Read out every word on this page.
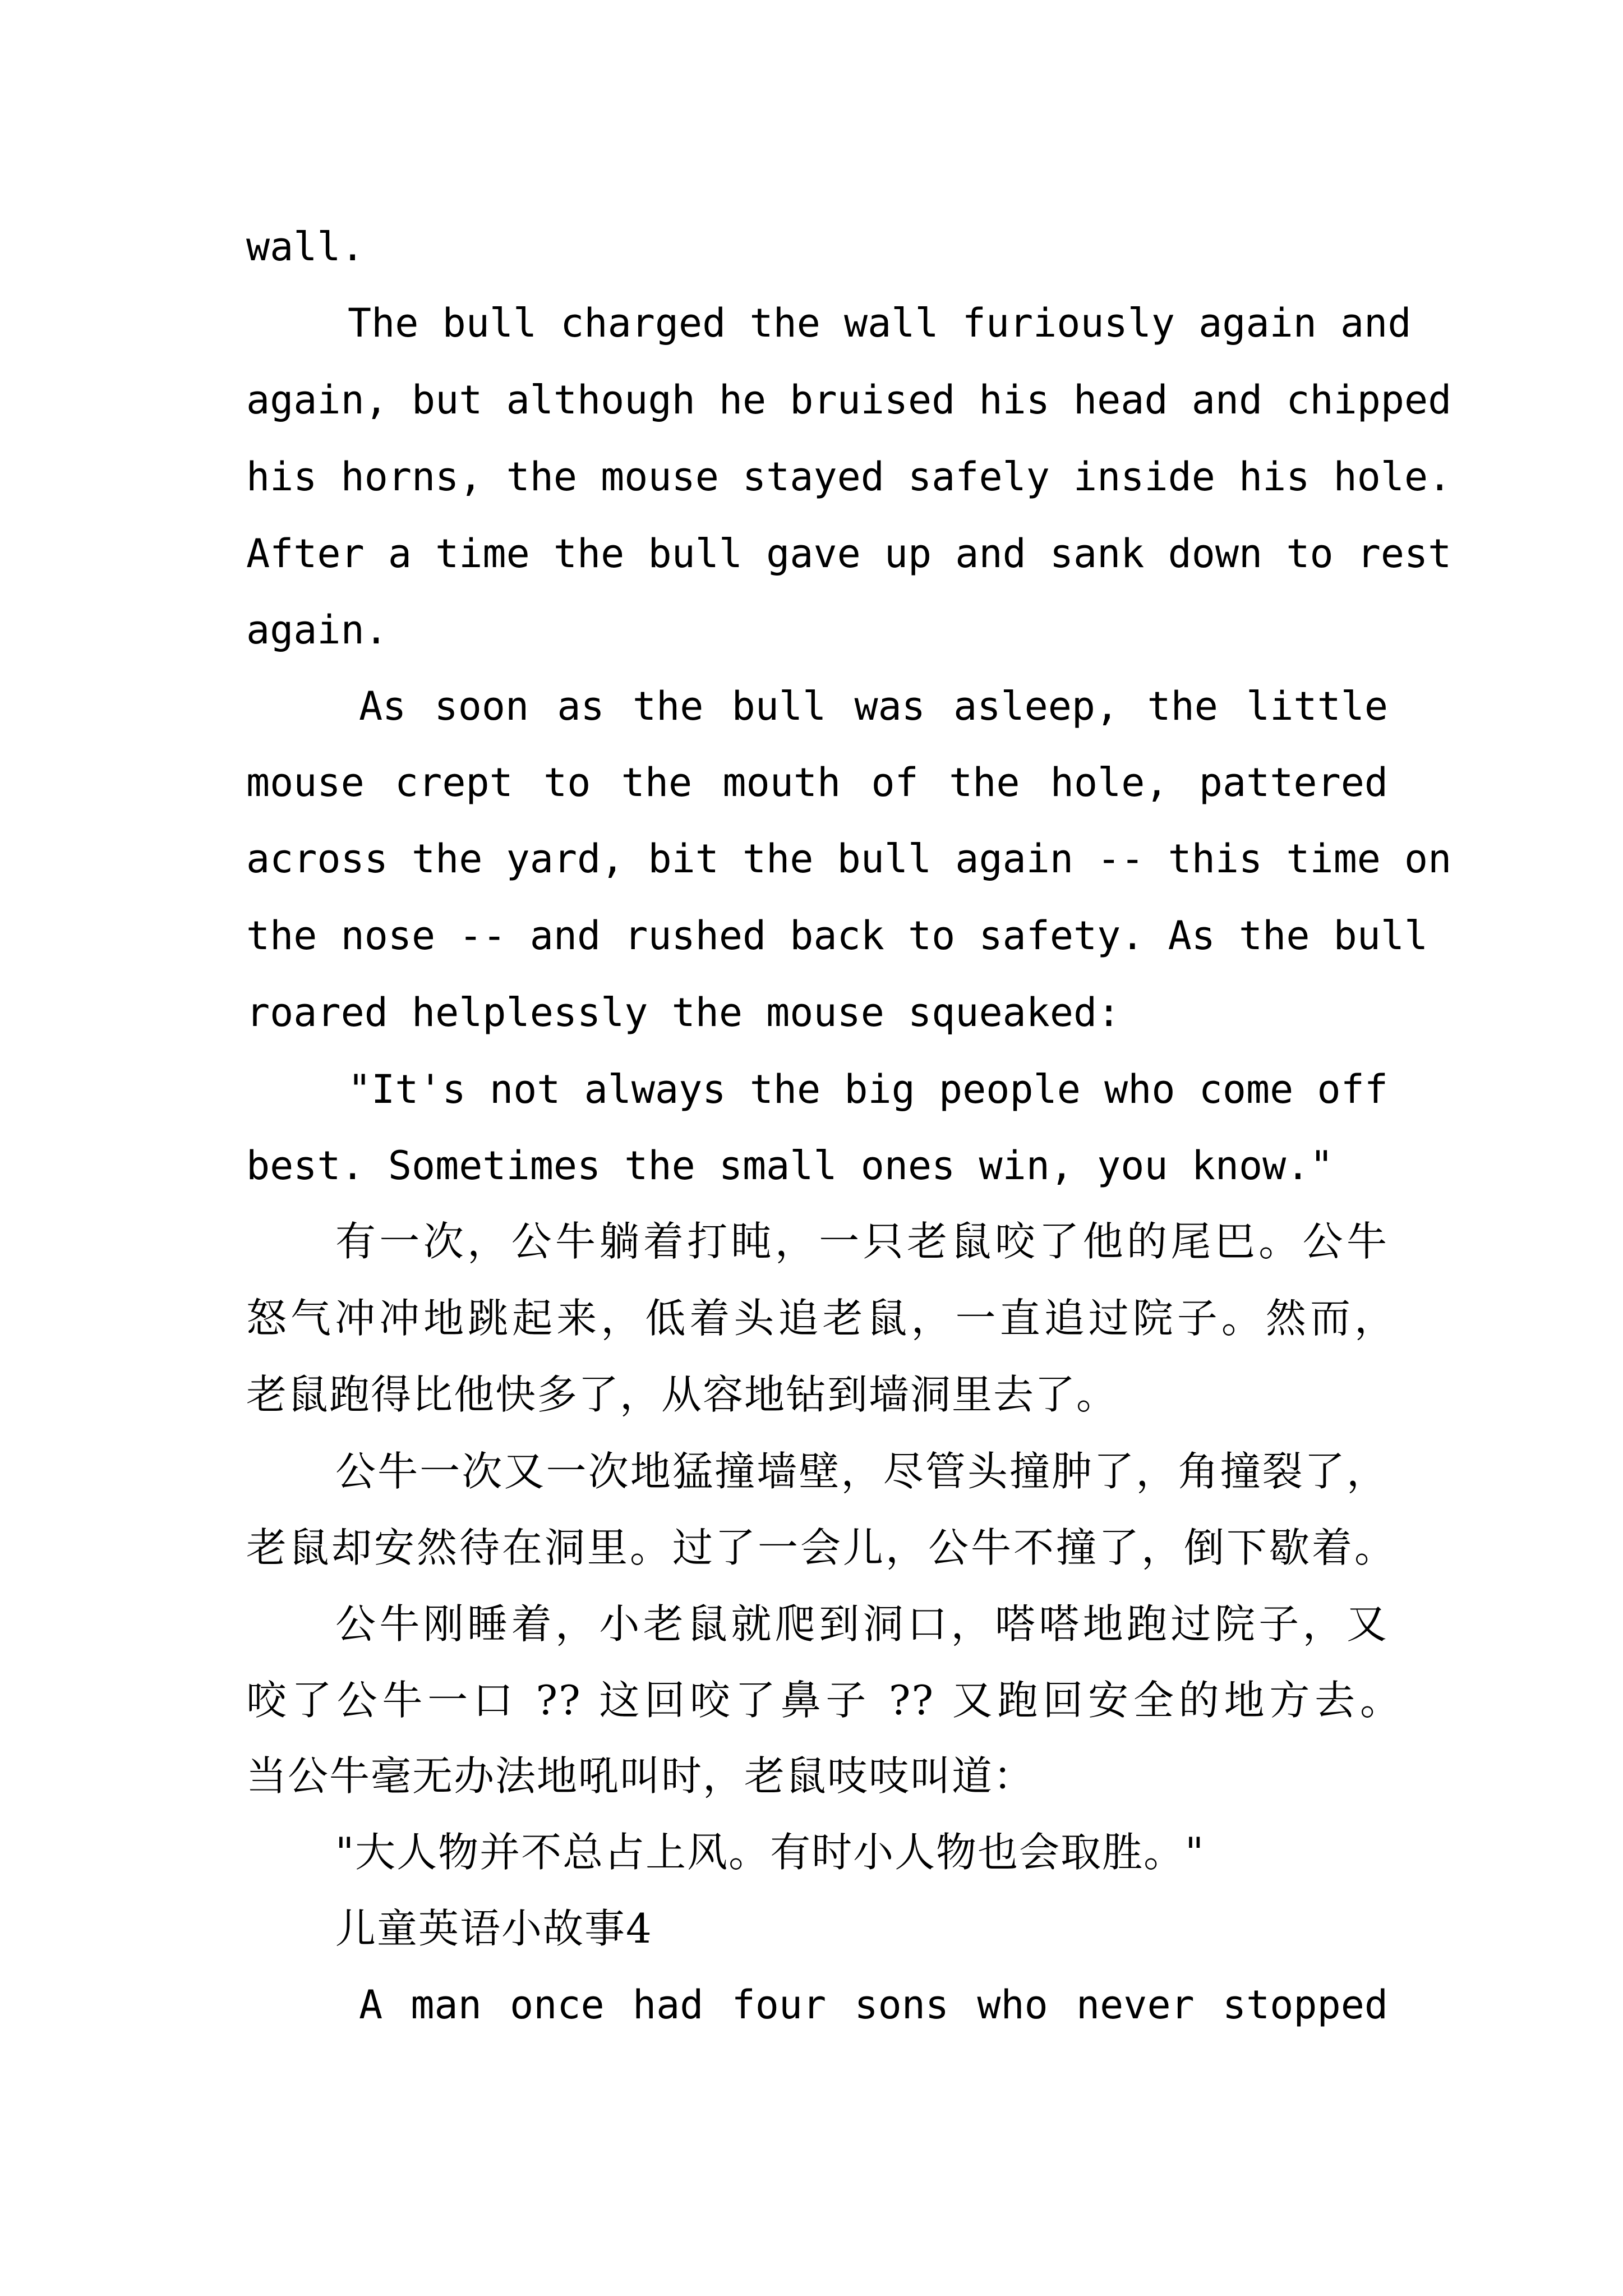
wall.

The bull charged the wall furiously again and

again, but although he bruised his head and chipped

his horns, the mouse stayed safely inside his hole.

After a time the bull gave up and sank down to rest

again.

As soon as the bull was asleep, the little

mouse crept to the mouth of the hole, pattered

across the yard, bit the bull again -- this time on

the nose -- and rushed back to safety. As the bull

roared helplessly the mouse squeaked:

"It's not always the big people who come off

best. Sometimes the small ones win, you know."

有一次，公牛躺着打盹，一只老鼠咬了他的尾巴。公牛

怒气冲冲地跳起来，低着头追老鼠，一直追过院子。然而，

老鼠跑得比他快多了，从容地钻到墙洞里去了。

公牛一次又一次地猛撞墙壁，尽管头撞肿了，角撞裂了，

老鼠却安然待在洞里。过了一会儿，公牛不撞了，倒下歇着。

公牛刚睡着，小老鼠就爬到洞口，嗒嗒地跑过院子，又

咬了公牛一口 ?? 这回咬了鼻子 ?? 又跑回安全的地方去。

当公牛毫无办法地吼叫时，老鼠吱吱叫道：

"大人物并不总占上风。有时小人物也会取胜。"

儿童英语小故事4

A man once had four sons who never stopped
